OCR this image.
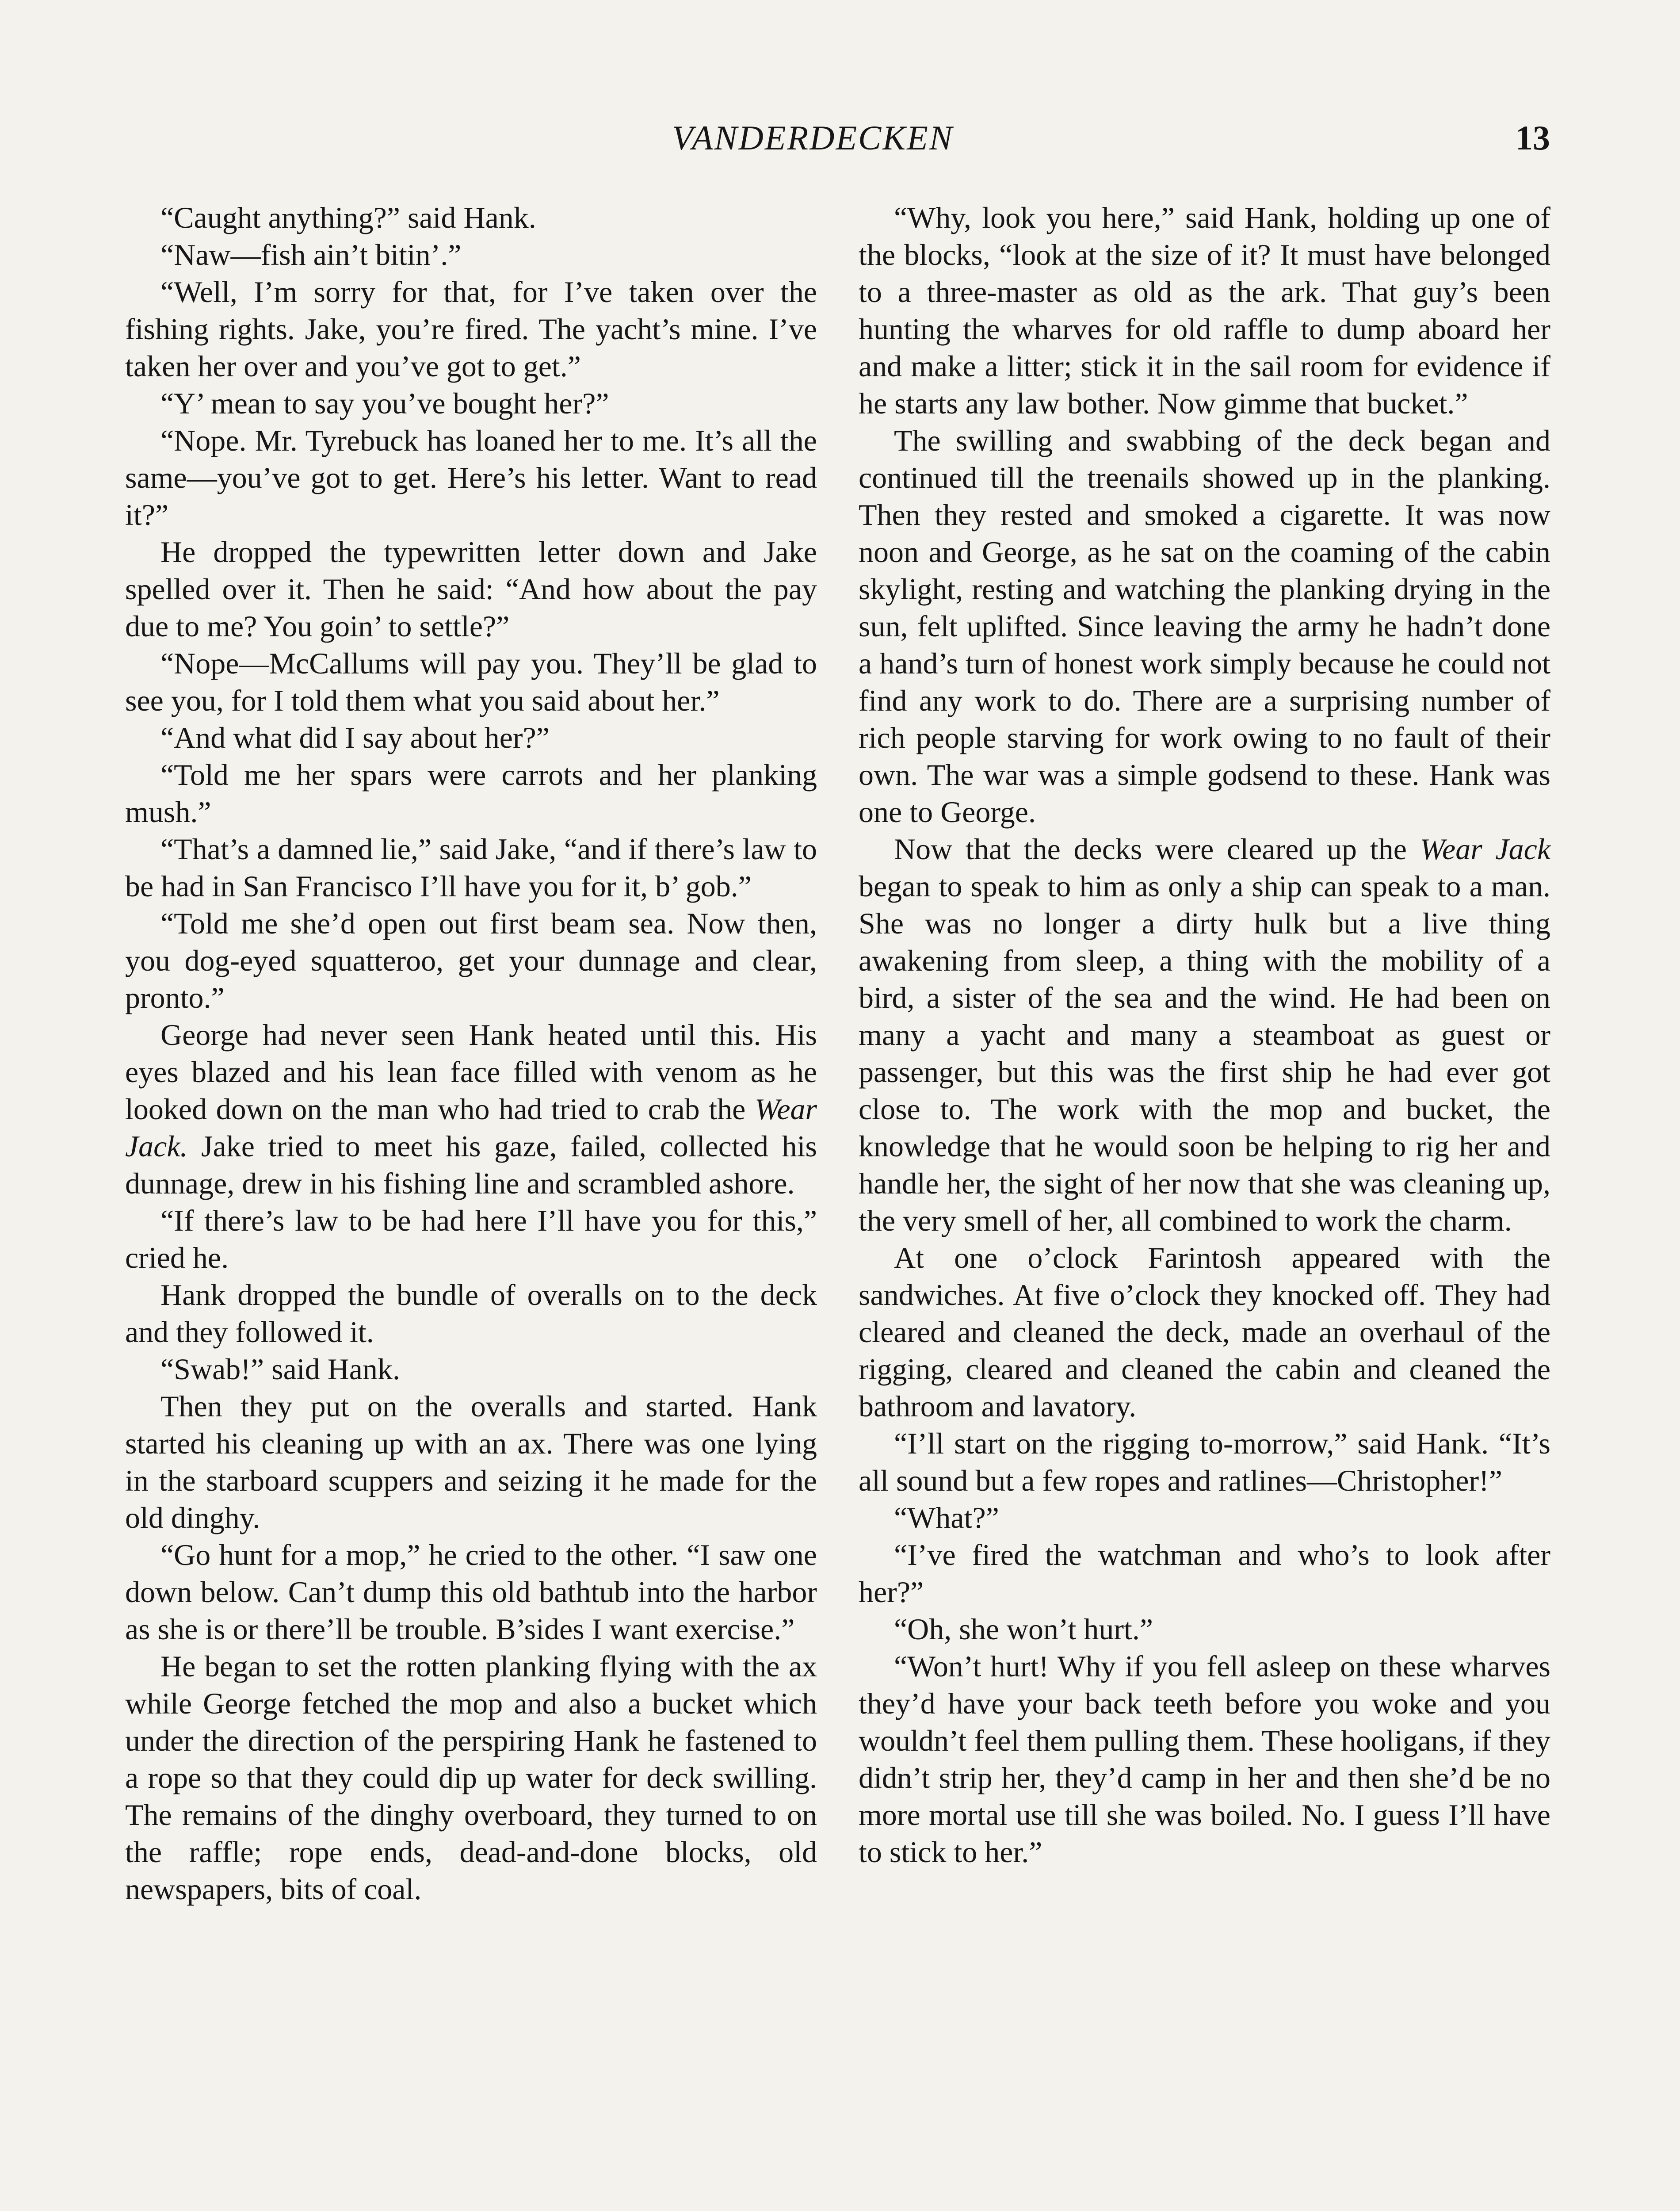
VANDERDECKEN	13

“Caught anything?” said Hank.

“Naw—fish ain’t bitin’.”

“Well, I’m sorry for that, for I’ve taken over the fishing rights. Jake, you’re fired. The yacht’s mine. I’ve taken her over and you’ve got to get.”

“Y’ mean to say you’ve bought her?”

“Nope. Mr. Tyrebuck has loaned her to me. It’s all the same—you’ve got to get. Here’s his letter. Want to read it?”

He dropped the typewritten letter down and Jake spelled over it. Then he said: “And how about the pay due to me? You goin’ to settle?”

“Nope—McCallums will pay you. They’ll be glad to see you, for I told them what you said about her.”

“And what did I say about her?”

“Told me her spars were carrots and her planking mush.”

“That’s a damned lie,” said Jake, “and if there’s law to be had in San Francisco I’ll have you for it, b’ gob.”

“Told me she’d open out first beam sea. Now then, you dog-eyed squatteroo, get your dunnage and clear, pronto.”

George had never seen Hank heated until this. His eyes blazed and his lean face filled with venom as he looked down on the man who had tried to crab the Wear Jack. Jake tried to meet his gaze, failed, collected his dunnage, drew in his fishing line and scrambled ashore.

“If there’s law to be had here I’ll have you for this,” cried he.

Hank dropped the bundle of overalls on to the deck and they followed it.

“Swab!” said Hank.

Then they put on the overalls and started. Hank started his cleaning up with an ax. There was one lying in the starboard scuppers and seizing it he made for the old dinghy.

“Go hunt for a mop,” he cried to the other. “I saw one down below. Can’t dump this old bathtub into the harbor as she is or there’ll be trouble. B’sides I want exercise.”

He began to set the rotten planking flying with the ax while George fetched the mop and also a bucket which under the direction of the perspiring Hank he fastened to a rope so that they could dip up water for deck swilling. The remains of the dinghy overboard, they turned to on the raffle; rope ends, dead-and-done blocks, old newspapers, bits of coal.

“Why, look you here,” said Hank, holding up one of the blocks, “look at the size of it? It must have belonged to a three-master as old as the ark. That guy’s been hunting the wharves for old raffle to dump aboard her and make a litter; stick it in the sail room for evidence if he starts any law bother. Now gimme that bucket.”

The swilling and swabbing of the deck began and continued till the treenails showed up in the planking. Then they rested and smoked a cigarette. It was now noon and George, as he sat on the coaming of the cabin skylight, resting and watching the planking drying in the sun, felt uplifted. Since leaving the army he hadn’t done a hand’s turn of honest work simply because he could not find any work to do. There are a surprising number of rich people starving for work owing to no fault of their own. The war was a simple godsend to these. Hank was one to George.

Now that the decks were cleared up the Wear Jack began to speak to him as only a ship can speak to a man. She was no longer a dirty hulk but a live thing awakening from sleep, a thing with the mobility of a bird, a sister of the sea and the wind. He had been on many a yacht and many a steamboat as guest or passenger, but this was the first ship he had ever got close to. The work with the mop and bucket, the knowledge that he would soon be helping to rig her and handle her, the sight of her now that she was cleaning up, the very smell of her, all combined to work the charm.

At one o’clock Farintosh appeared with the sandwiches. At five o’clock they knocked off. They had cleared and cleaned the deck, made an overhaul of the rigging, cleared and cleaned the cabin and cleaned the bathroom and lavatory.

“I’ll start on the rigging to-morrow,” said Hank. “It’s all sound but a few ropes and ratlines—Christopher!”

“What?”

“I’ve fired the watchman and who’s to look after her?”

“Oh, she won’t hurt.”

“Won’t hurt! Why if you fell asleep on these wharves they’d have your back teeth before you woke and you wouldn’t feel them pulling them. These hooligans, if they didn’t strip her, they’d camp in her and then she’d be no more mortal use till she was boiled. No. I guess I’ll have to stick to her.”
